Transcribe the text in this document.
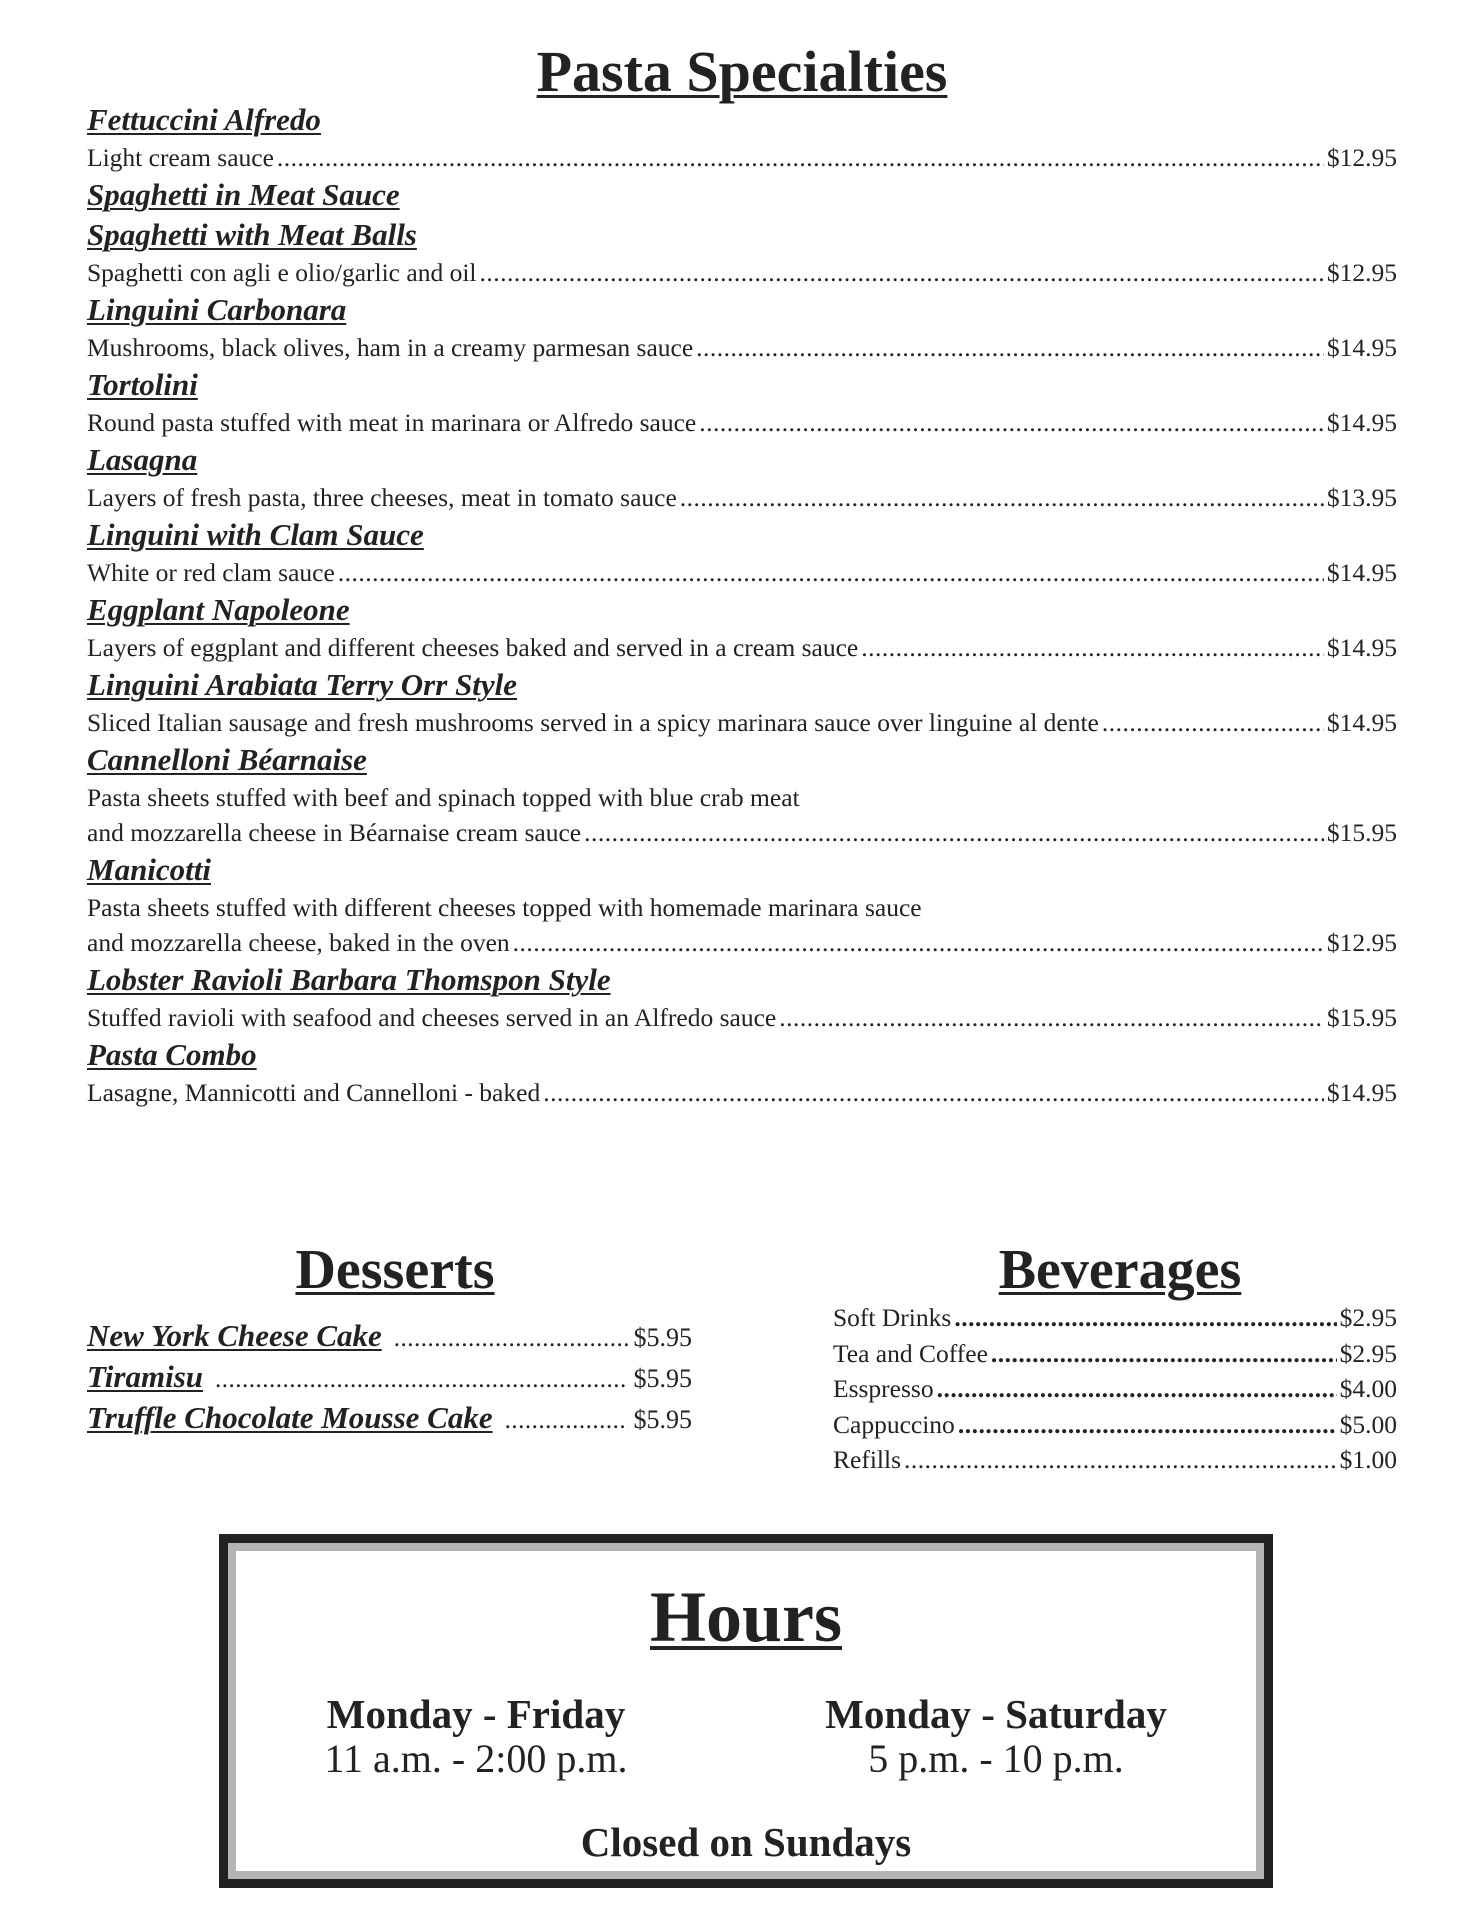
Pasta Specialties
Fettuccini Alfredo
Light cream sauce .....	$12.95
Spaghetti in Meat Sauce
Spaghetti with Meat Balls
Spaghetti con agli e olio/garlic and oil .....	$12.95
Linguini Carbonara
Mushrooms, black olives, ham in a creamy parmesan sauce .....	$14.95
Tortolini
Round pasta stuffed with meat in marinara or Alfredo sauce .....	$14.95
Lasagna
Layers of fresh pasta, three cheeses, meat in tomato sauce .....	$13.95
Linguini with Clam Sauce
White or red clam sauce .....	$14.95
Eggplant Napoleone
Layers of eggplant and different cheeses baked and served in a cream sauce .....	$14.95
Linguini Arabiata Terry Orr Style
Sliced Italian sausage and fresh mushrooms served in a spicy marinara sauce over linguine al dente .....	$14.95
Cannelloni Béarnaise
Pasta sheets stuffed with beef and spinach topped with blue crab meat
and mozzarella cheese in Béarnaise cream sauce .....	$15.95
Manicotti
Pasta sheets stuffed with different cheeses topped with homemade marinara sauce
and mozzarella cheese, baked in the oven .....	$12.95
Lobster Ravioli Barbara Thomspon Style
Stuffed ravioli with seafood and cheeses served in an Alfredo sauce .....	$15.95
Pasta Combo
Lasagne, Mannicotti and Cannelloni - baked .....	$14.95
Desserts
New York Cheese Cake .....	$5.95
Tiramisu .....	$5.95
Truffle Chocolate Mousse Cake .....	$5.95
Beverages
Soft Drinks .....	$2.95
Tea and Coffee .....	$2.95
Esspresso .....	$4.00
Cappuccino .....	$5.00
Refills .....	$1.00
Hours
Monday - Friday
11 a.m. - 2:00 p.m.
Monday - Saturday
5 p.m. - 10 p.m.
Closed on Sundays
